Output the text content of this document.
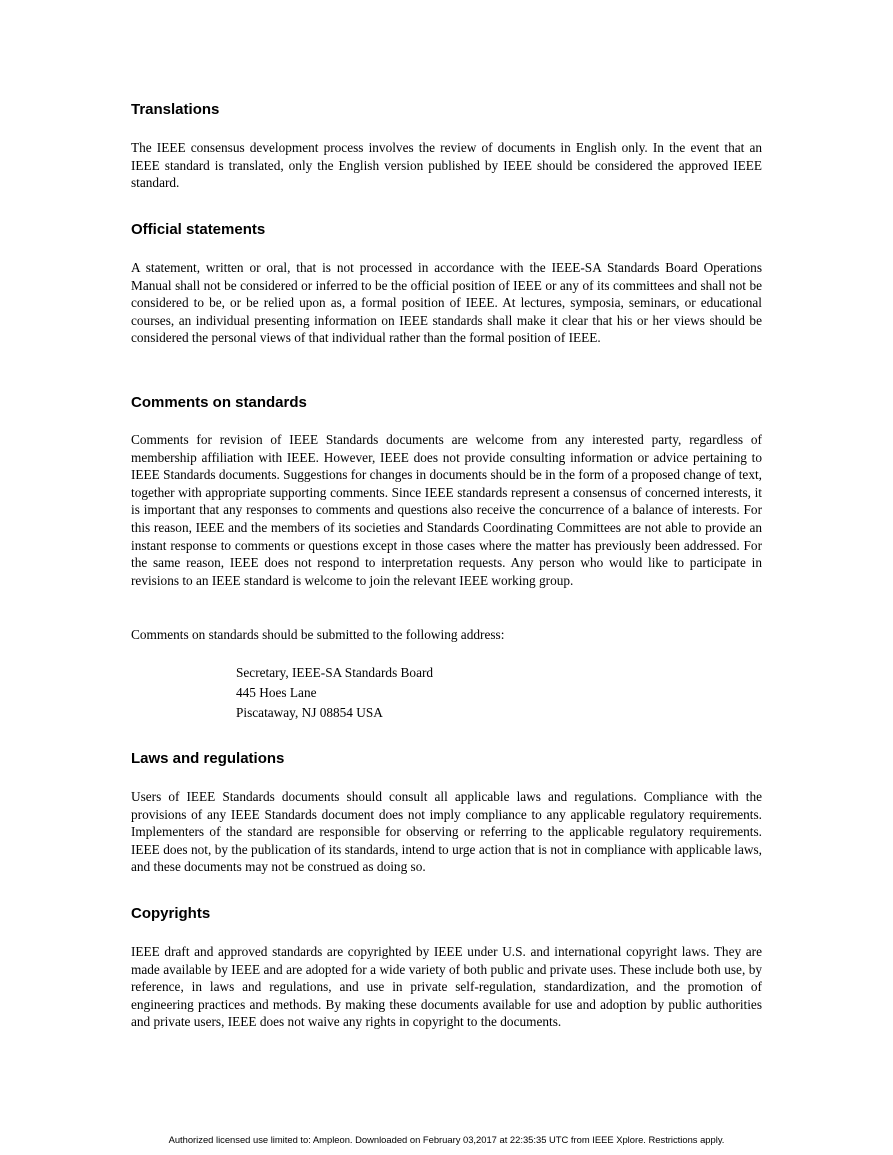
Translations

The IEEE consensus development process involves the review of documents in English only. In the event that an IEEE standard is translated, only the English version published by IEEE should be considered the approved IEEE standard.

Official statements

A statement, written or oral, that is not processed in accordance with the IEEE-SA Standards Board Operations Manual shall not be considered or inferred to be the official position of IEEE or any of its committees and shall not be considered to be, or be relied upon as, a formal position of IEEE. At lectures, symposia, seminars, or educational courses, an individual presenting information on IEEE standards shall make it clear that his or her views should be considered the personal views of that individual rather than the formal position of IEEE.

Comments on standards

Comments for revision of IEEE Standards documents are welcome from any interested party, regardless of membership affiliation with IEEE. However, IEEE does not provide consulting information or advice pertaining to IEEE Standards documents. Suggestions for changes in documents should be in the form of a proposed change of text, together with appropriate supporting comments. Since IEEE standards represent a consensus of concerned interests, it is important that any responses to comments and questions also receive the concurrence of a balance of interests. For this reason, IEEE and the members of its societies and Standards Coordinating Committees are not able to provide an instant response to comments or questions except in those cases where the matter has previously been addressed. For the same reason, IEEE does not respond to interpretation requests. Any person who would like to participate in revisions to an IEEE standard is welcome to join the relevant IEEE working group.

Comments on standards should be submitted to the following address:

Secretary, IEEE-SA Standards Board
445 Hoes Lane
Piscataway, NJ 08854 USA
Laws and regulations

Users of IEEE Standards documents should consult all applicable laws and regulations. Compliance with the provisions of any IEEE Standards document does not imply compliance to any applicable regulatory requirements. Implementers of the standard are responsible for observing or referring to the applicable regulatory requirements. IEEE does not, by the publication of its standards, intend to urge action that is not in compliance with applicable laws, and these documents may not be construed as doing so.

Copyrights

IEEE draft and approved standards are copyrighted by IEEE under U.S. and international copyright laws. They are made available by IEEE and are adopted for a wide variety of both public and private uses. These include both use, by reference, in laws and regulations, and use in private self-regulation, standardization, and the promotion of engineering practices and methods. By making these documents available for use and adoption by public authorities and private users, IEEE does not waive any rights in copyright to the documents.

Authorized licensed use limited to: Ampleon. Downloaded on February 03,2017 at 22:35:35 UTC from IEEE Xplore. Restrictions apply.
